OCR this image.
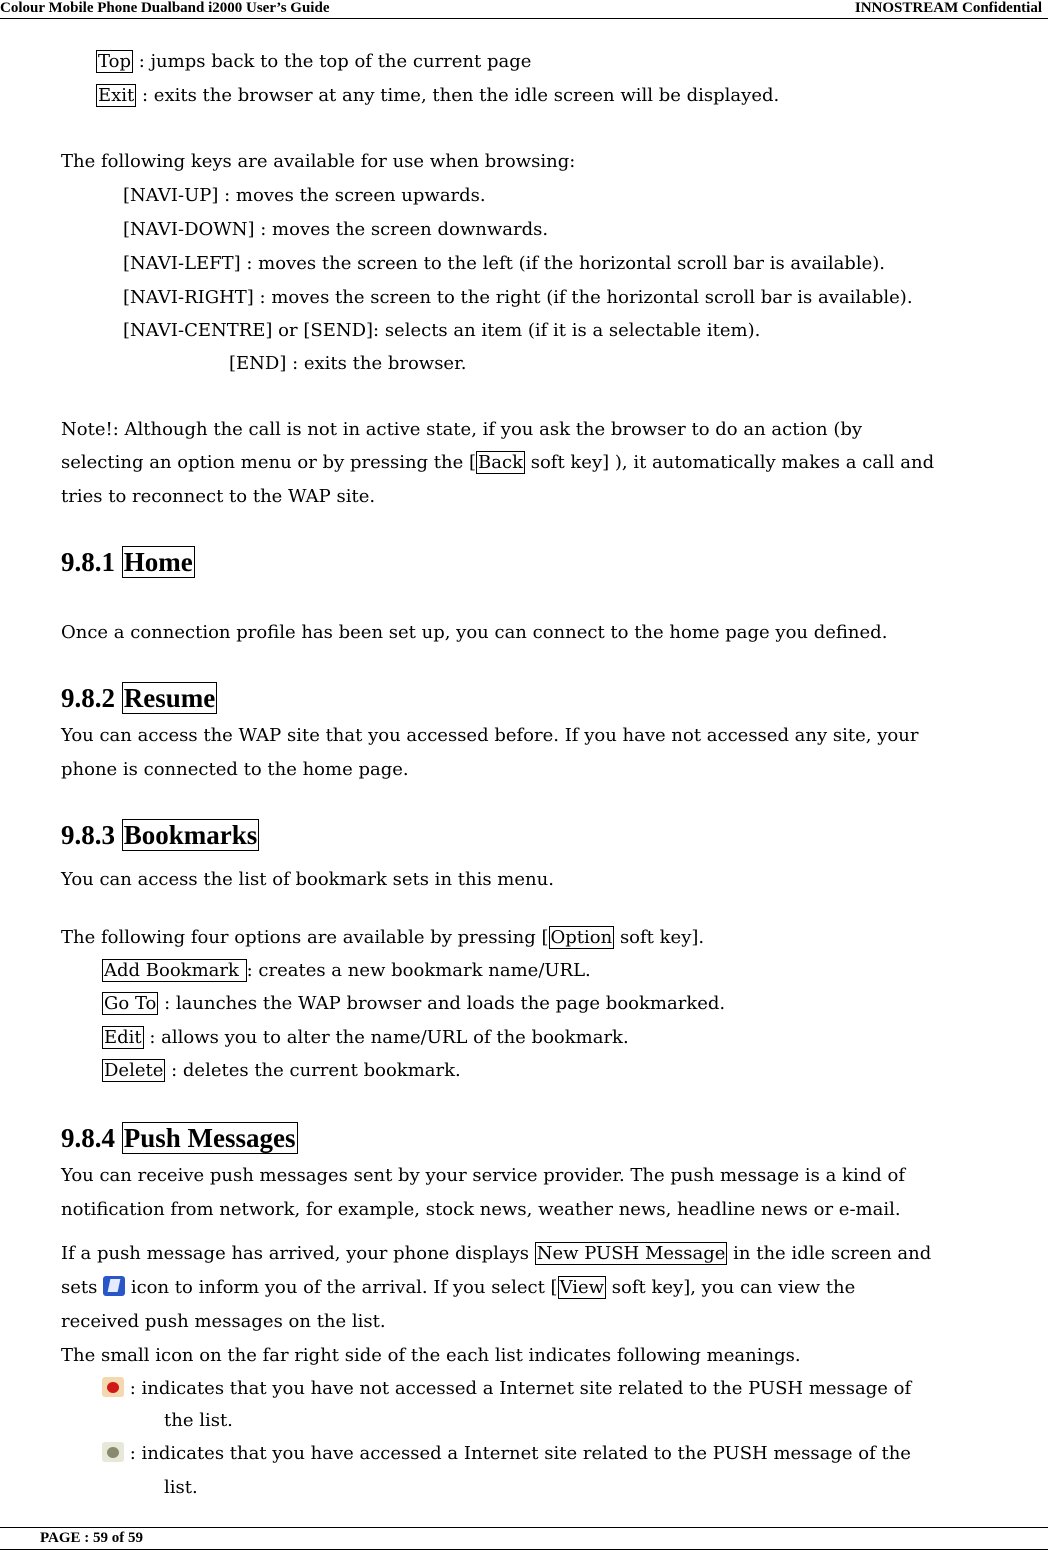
Colour Mobile Phone Dualband i2000 User’s Guide	INNOSTREAM Confidential
Top : jumps back to the top of the current page
Exit : exits the browser at any time, then the idle screen will be displayed.
The following keys are available for use when browsing:
[NAVI-UP] : moves the screen upwards.
[NAVI-DOWN] : moves the screen downwards.
[NAVI-LEFT] : moves the screen to the left (if the horizontal scroll bar is available).
[NAVI-RIGHT] : moves the screen to the right (if the horizontal scroll bar is available).
[NAVI-CENTRE] or [SEND]: selects an item (if it is a selectable item).
[END] : exits the browser.
Note!: Although the call is not in active state, if you ask the browser to do an action (by
selecting an option menu or by pressing the [ Back soft key] ), it automatically makes a call and
tries to reconnect to the WAP site.
9.8.1 Home
Once a connection profile has been set up, you can connect to the home page you defined.
9.8.2 Resume
You can access the WAP site that you accessed before. If you have not accessed any site, your
phone is connected to the home page.
9.8.3 Bookmarks
You can access the list of bookmark sets in this menu.
The following four options are available by pressing [ Option soft key].
Add Bookmark : creates a new bookmark name/URL.
Go To : launches the WAP browser and loads the page bookmarked.
Edit : allows you to alter the name/URL of the bookmark.
Delete : deletes the current bookmark.
9.8.4 Push Messages
You can receive push messages sent by your service provider. The push message is a kind of
notification from network, for example, stock news, weather news, headline news or e-mail.
If a push message has arrived, your phone displays New PUSH Message in the idle screen and
sets  icon to inform you of the arrival. If you select [ View soft key], you can view the
received push messages on the list.
The small icon on the far right side of the each list indicates following meanings.
: indicates that you have not accessed a Internet site related to the PUSH message of
the list.
: indicates that you have accessed a Internet site related to the PUSH message of the
list.
PAGE : 59 of 59
